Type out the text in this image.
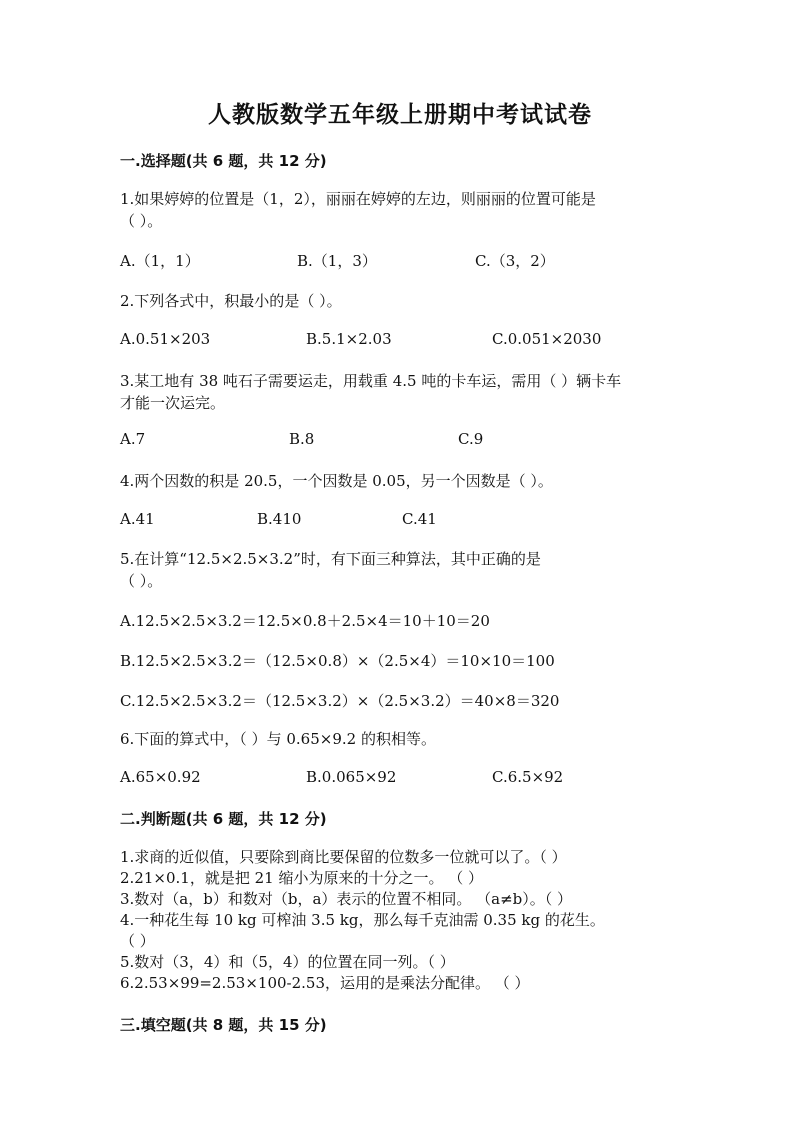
人教版数学五年级上册期中考试试卷
一.选择题(共 6 题，共 12 分)
1.如果婷婷的位置是（1，2），丽丽在婷婷的左边，则丽丽的位置可能是
（ ）。
A.（1，1）	B.（1，3）	C.（3，2）
2.下列各式中，积最小的是（ ）。
A.0.51×203	B.5.1×2.03	C.0.051×2030
3.某工地有 38 吨石子需要运走，用载重 4.5 吨的卡车运，需用（ ）辆卡车
才能一次运完。
A.7	B.8	C.9
4.两个因数的积是 20.5，一个因数是 0.05，另一个因数是（ ）。
A.41	B.410	C.41
5.在计算“12.5×2.5×3.2”时，有下面三种算法，其中正确的是
（ ）。
A.12.5×2.5×3.2＝12.5×0.8＋2.5×4＝10＋10＝20
B.12.5×2.5×3.2＝（12.5×0.8）×（2.5×4）＝10×10＝100
C.12.5×2.5×3.2＝（12.5×3.2）×（2.5×3.2）＝40×8＝320
6.下面的算式中，（ ）与 0.65×9.2 的积相等。
A.65×0.92	B.0.065×92	C.6.5×92
二.判断题(共 6 题，共 12 分)
1.求商的近似值，只要除到商比要保留的位数多一位就可以了。（ ）
2.21×0.1，就是把 21 缩小为原来的十分之一。 （ ）
3.数对（a，b）和数对（b，a）表示的位置不相同。 （a≠b）。（ ）
4.一种花生每 10 kg 可榨油 3.5 kg，那么每千克油需 0.35 kg 的花生。
（ ）
5.数对（3，4）和（5，4）的位置在同一列。（ ）
6.2.53×99=2.53×100-2.53，运用的是乘法分配律。 （ ）
三.填空题(共 8 题，共 15 分)
